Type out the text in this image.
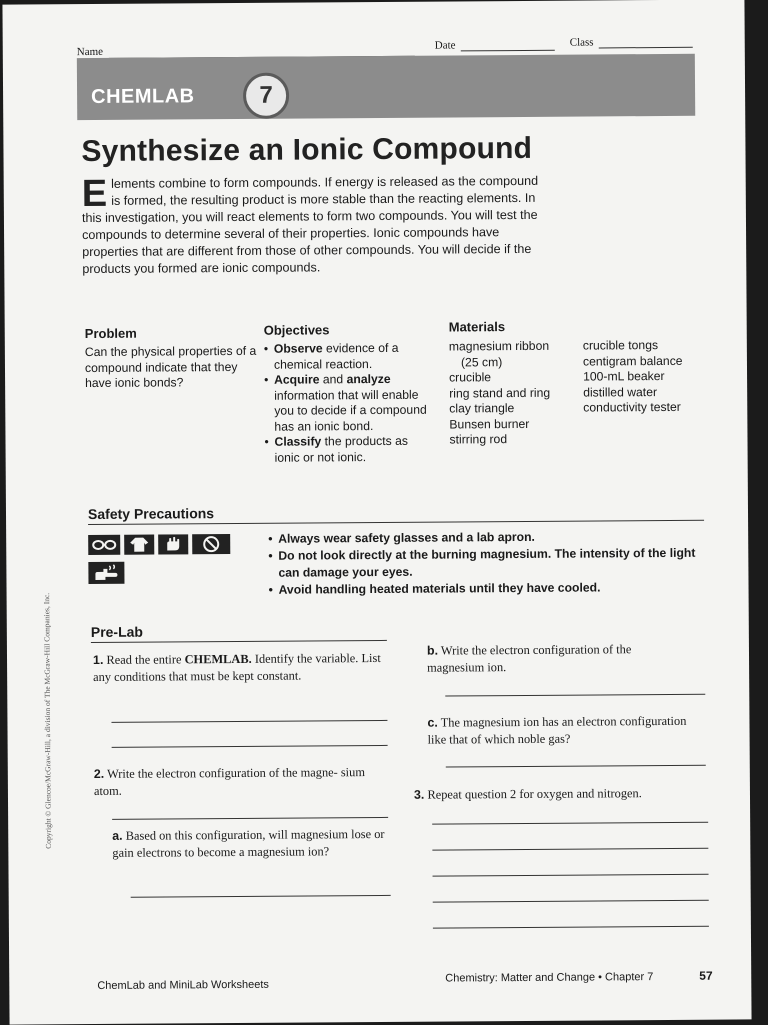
Name
Date	Class
CHEMLAB	7
Synthesize an Ionic Compound
Elements combine to form compounds. If energy is released as the compound is formed, the resulting product is more stable than the reacting elements. In this investigation, you will react elements to form two compounds. You will test the compounds to determine several of their properties. Ionic compounds have properties that are different from those of other compounds. You will decide if the products you formed are ionic compounds.
Problem
Can the physical properties of a compound indicate that they have ionic bonds?
Objectives
• Observe evidence of a chemical reaction.
• Acquire and analyze information that will enable you to decide if a compound has an ionic bond.
• Classify the products as ionic or not ionic.
Materials
magnesium ribbon
(25 cm)
crucible
ring stand and ring
clay triangle
Bunsen burner
stirring rod
crucible tongs
centigram balance
100-mL beaker
distilled water
conductivity tester
Safety Precautions
• Always wear safety glasses and a lab apron.
• Do not look directly at the burning magnesium. The intensity of the light can damage your eyes.
• Avoid handling heated materials until they have cooled.
Pre-Lab
1. Read the entire CHEMLAB. Identify the variable. List any conditions that must be kept constant.
2. Write the electron configuration of the magne- sium atom.
a. Based on this configuration, will magnesium lose or gain electrons to become a magnesium ion?
b. Write the electron configuration of the magnesium ion.
c. The magnesium ion has an electron configuration like that of which noble gas?
3. Repeat question 2 for oxygen and nitrogen.
ChemLab and MiniLab Worksheets
Chemistry: Matter and Change • Chapter 7	57
Copyright © Glencoe/McGraw-Hill, a division of The McGraw-Hill Companies, Inc.
